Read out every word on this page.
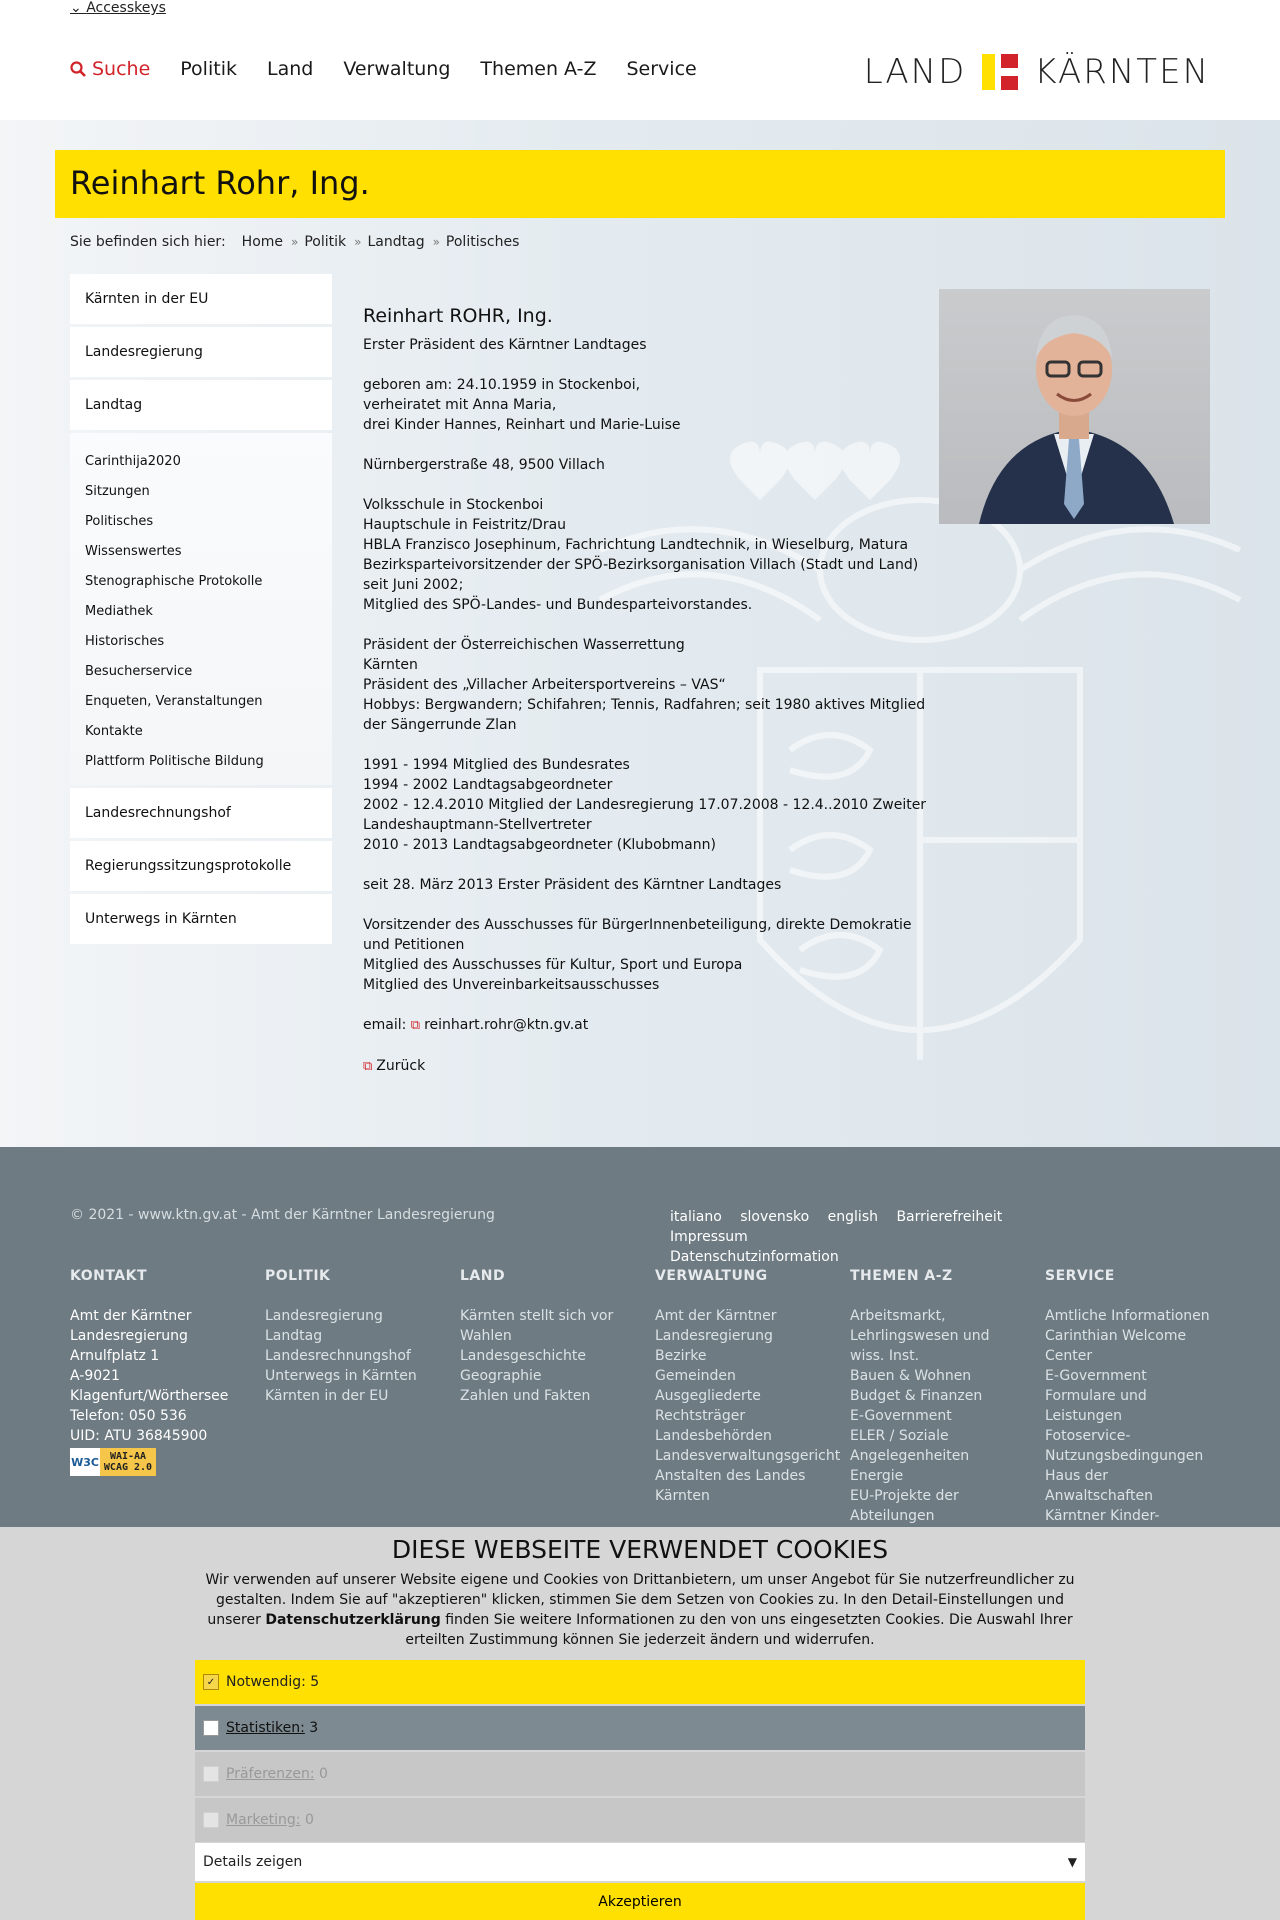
⌄ Accesskeys
Suche Politik Land Verwaltung Themen A-Z Service	LAND KÄRNTEN
Reinhart Rohr, Ing.
Sie befinden sich hier: Home » Politik » Landtag » Politisches
Kärnten in der EU
Landesregierung
Landtag
Carinthija2020
Sitzungen
Politisches
Wissenswertes
Stenographische Protokolle
Mediathek
Historisches
Besucherservice
Enqueten, Veranstaltungen
Kontakte
Plattform Politische Bildung
Landesrechnungshof
Regierungssitzungsprotokolle
Unterwegs in Kärnten
Reinhart ROHR, Ing.

Erster Präsident des Kärntner Landtages

geboren am: 24.10.1959 in Stockenboi,
verheiratet mit Anna Maria,
drei Kinder Hannes, Reinhart und Marie-Luise

Nürnbergerstraße 48, 9500 Villach

Volksschule in Stockenboi
Hauptschule in Feistritz/Drau
HBLA Franzisco Josephinum, Fachrichtung Landtechnik, in Wieselburg, Matura
Bezirksparteivorsitzender der SPÖ-Bezirksorganisation Villach (Stadt und Land)
seit Juni 2002;
Mitglied des SPÖ-Landes- und Bundesparteivorstandes.

Präsident der Österreichischen Wasserrettung
Kärnten
Präsident des „Villacher Arbeitersportvereins – VAS“
Hobbys: Bergwandern; Schifahren; Tennis, Radfahren; seit 1980 aktives Mitglied
der Sängerrunde Zlan

1991 - 1994 Mitglied des Bundesrates
1994 - 2002 Landtagsabgeordneter
2002 - 12.4.2010 Mitglied der Landesregierung 17.07.2008 - 12.4..2010 Zweiter
Landeshauptmann-Stellvertreter
2010 - 2013 Landtagsabgeordneter (Klubobmann)

seit 28. März 2013 Erster Präsident des Kärntner Landtages

Vorsitzender des Ausschusses für BürgerInnenbeteiligung, direkte Demokratie
und Petitionen
Mitglied des Ausschusses für Kultur, Sport und Europa
Mitglied des Unvereinbarkeitsausschusses

email: ⧉ reinhart.rohr@ktn.gv.at

⧉ Zurück

© 2021 - www.ktn.gv.at - Amt der Kärntner Landesregierung	italiano slovensko english Barrierefreiheit Impressum
Datenschutzinformation
KONTAKT
Amt der Kärntner
Landesregierung
Arnulfplatz 1
A-9021
Klagenfurt/Wörthersee
Telefon: 050 536
UID: ATU 36845900
W3C WAI-AA
WCAG 2.0
POLITIK
Landesregierung
Landtag
Landesrechnungshof
Unterwegs in Kärnten
Kärnten in der EU
LAND
Kärnten stellt sich vor
Wahlen
Landesgeschichte
Geographie
Zahlen und Fakten
VERWALTUNG
Amt der Kärntner
Landesregierung
Bezirke
Gemeinden
Ausgegliederte
Rechtsträger
Landesbehörden
Landesverwaltungsgericht
Anstalten des Landes
Kärnten
THEMEN A-Z
Arbeitsmarkt,
Lehrlingswesen und
wiss. Inst.
Bauen & Wohnen
Budget & Finanzen
E-Government
ELER / Soziale
Angelegenheiten
Energie
EU-Projekte der
Abteilungen
SERVICE
Amtliche Informationen
Carinthian Welcome
Center
E-Government
Formulare und
Leistungen
Fotoservice-
Nutzungsbedingungen
Haus der
Anwaltschaften
Kärntner Kinder-
DIESE WEBSEITE VERWENDET COOKIES
Wir verwenden auf unserer Website eigene und Cookies von Drittanbietern, um unser Angebot für Sie nutzerfreundlicher zu gestalten. Indem Sie auf "akzeptieren" klicken, stimmen Sie dem Setzen von Cookies zu. In den Detail-Einstellungen und unserer Datenschutzerklärung finden Sie weitere Informationen zu den von uns eingesetzten Cookies. Die Auswahl Ihrer erteilten Zustimmung können Sie jederzeit ändern und widerrufen.
✓ Notwendig:
5
Statistiken:
3
Präferenzen:
0
Marketing:
0
Details zeigen	▼
Akzeptieren
